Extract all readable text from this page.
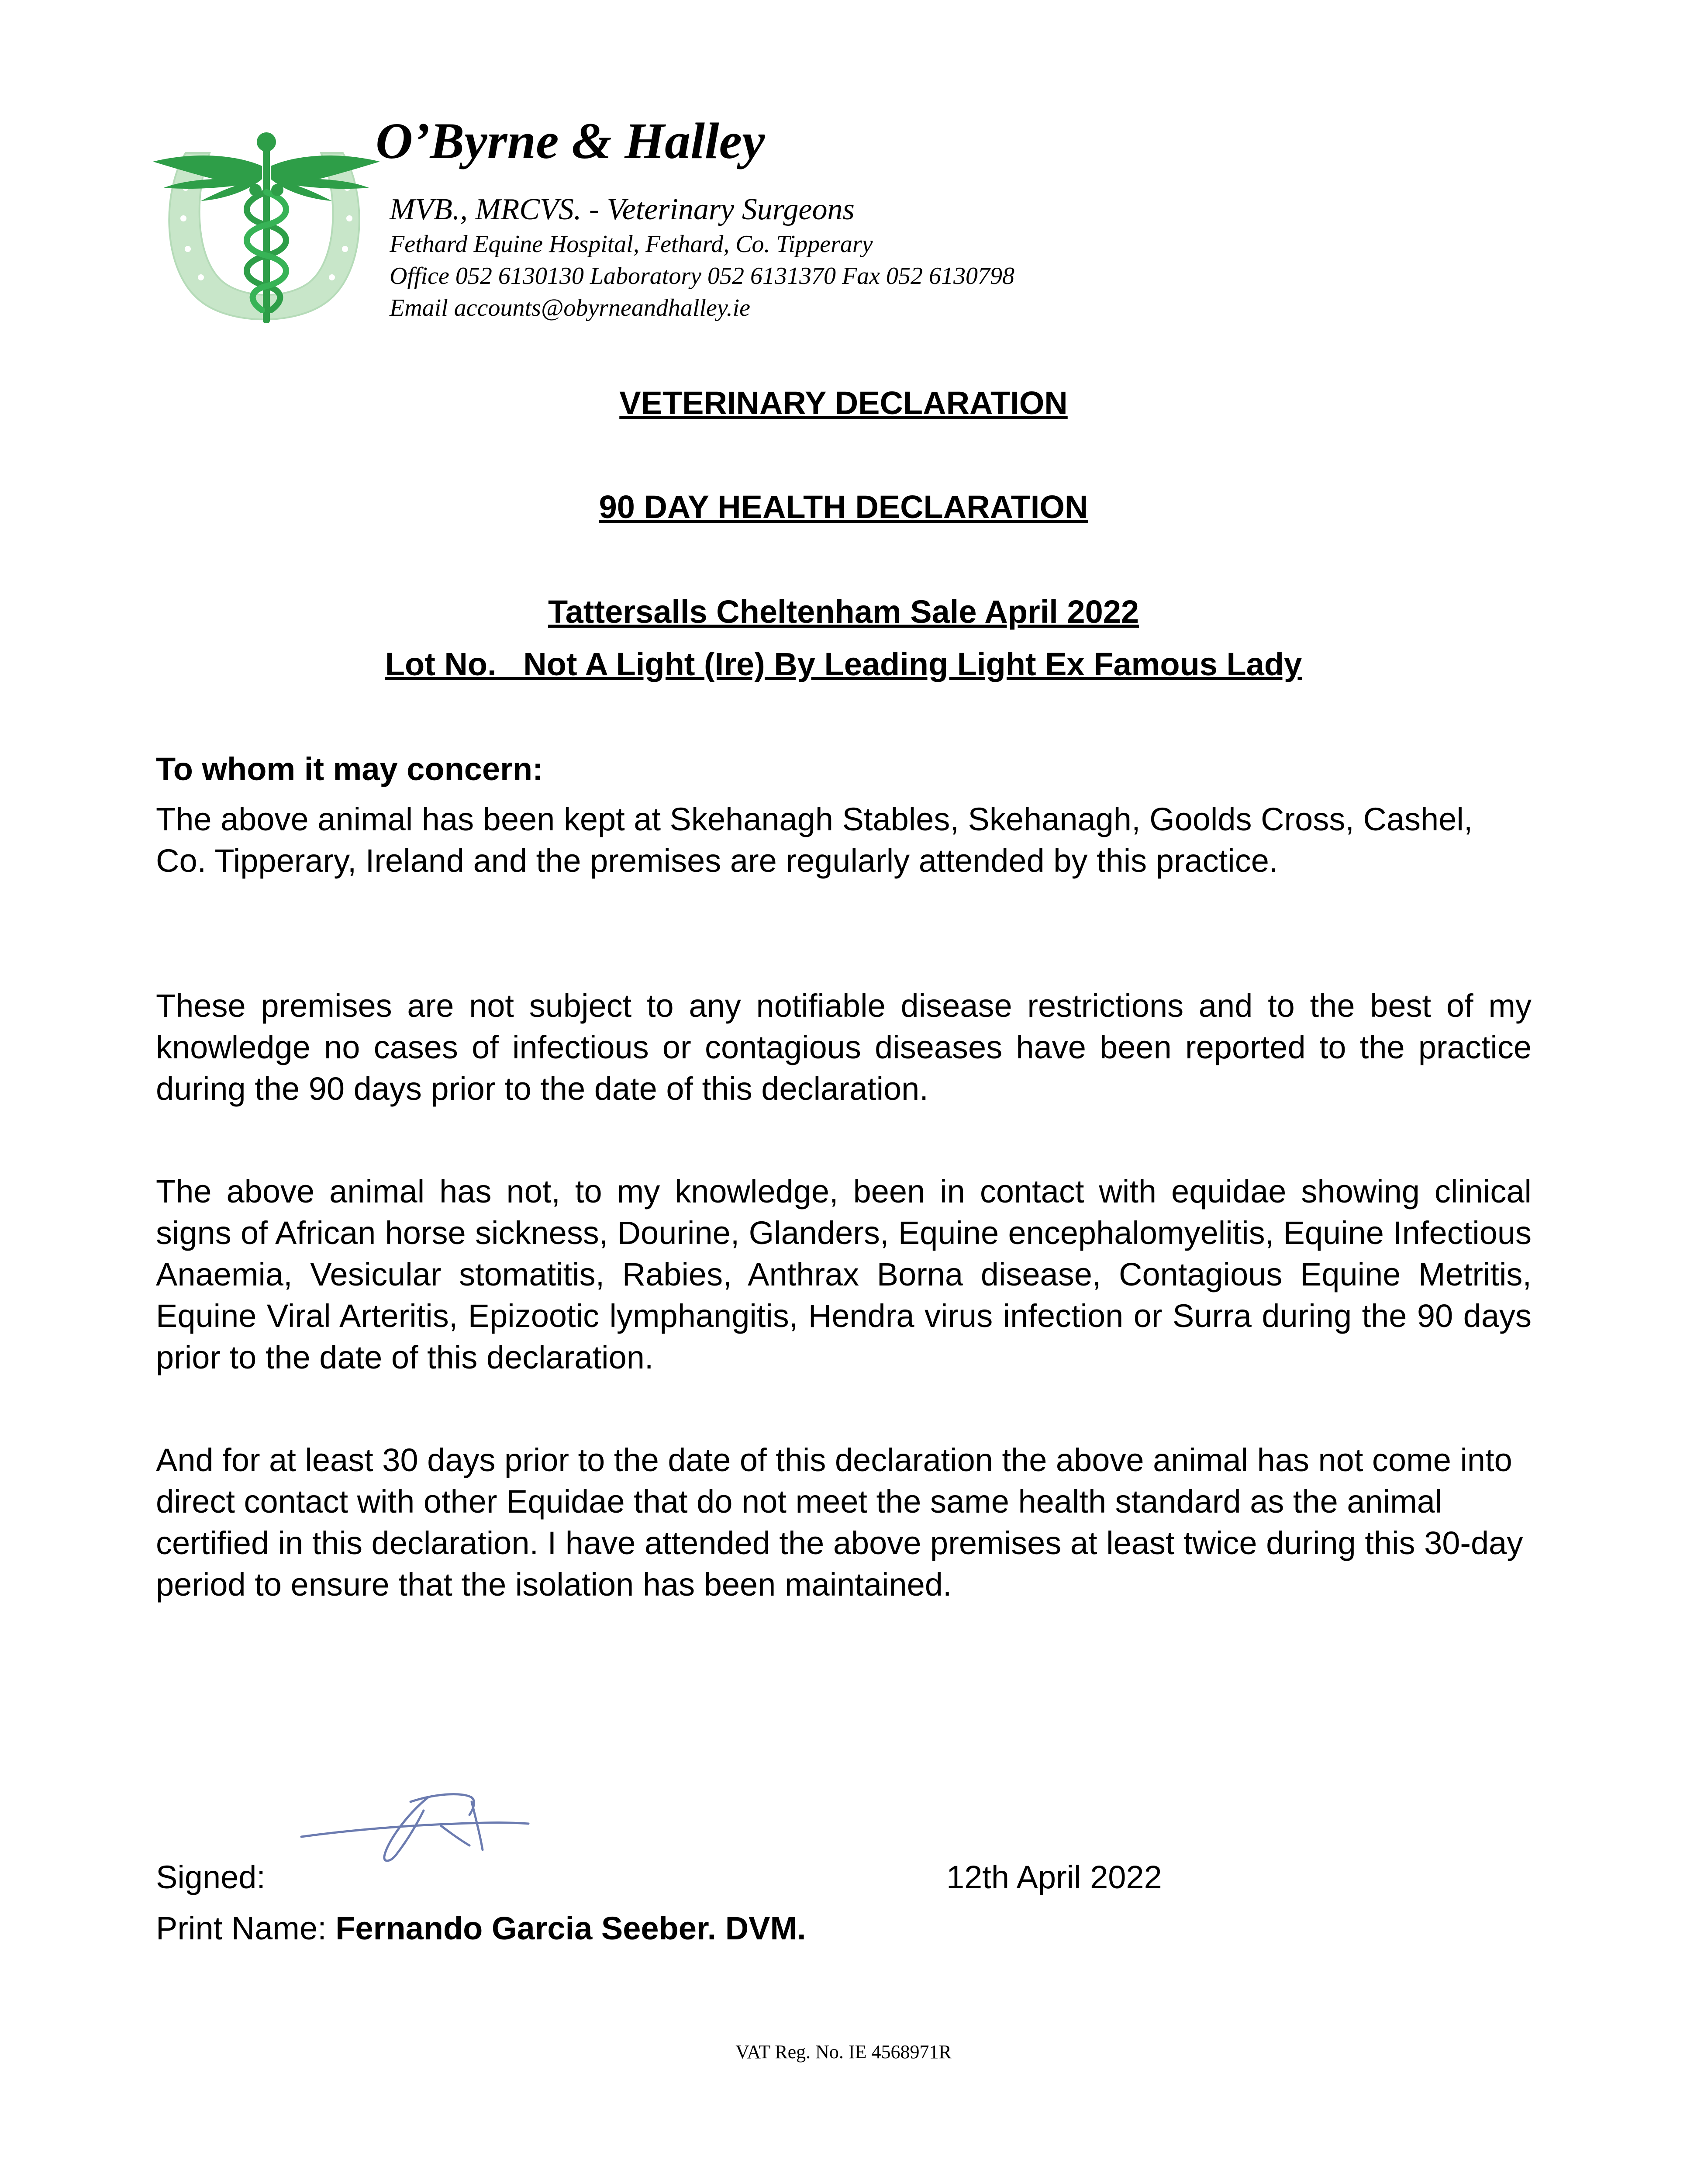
O’Byrne & Halley
MVB., MRCVS. - Veterinary Surgeons
Fethard Equine Hospital, Fethard, Co. Tipperary
Office 052 6130130 Laboratory 052 6131370 Fax 052 6130798
Email accounts@obyrneandhalley.ie
VETERINARY DECLARATION
90 DAY HEALTH DECLARATION
Tattersalls Cheltenham Sale April 2022
Lot No.   Not A Light (Ire) By Leading Light Ex Famous Lady
To whom it may concern:

The above animal has been kept at Skehanagh Stables, Skehanagh, Goolds Cross, Cashel, Co. Tipperary, Ireland and the premises are regularly attended by this practice.

These premises are not subject to any notifiable disease restrictions and to the best of my knowledge no cases of infectious or contagious diseases have been reported to the practice during the 90 days prior to the date of this declaration.

The above animal has not, to my knowledge, been in contact with equidae showing clinical signs of African horse sickness, Dourine, Glanders, Equine encephalomyelitis, Equine Infectious Anaemia, Vesicular stomatitis, Rabies, Anthrax Borna disease, Contagious Equine Metritis, Equine Viral Arteritis, Epizootic lymphangitis, Hendra virus infection or Surra during the 90 days prior to the date of this declaration.

And for at least 30 days prior to the date of this declaration the above animal has not come into direct contact with other Equidae that do not meet the same health standard as the animal certified in this declaration. I have attended the above premises at least twice during this 30-day period to ensure that the isolation has been maintained.

Signed:	12th April 2022
Print Name: Fernando Garcia Seeber. DVM.
VAT Reg. No. IE 4568971R
